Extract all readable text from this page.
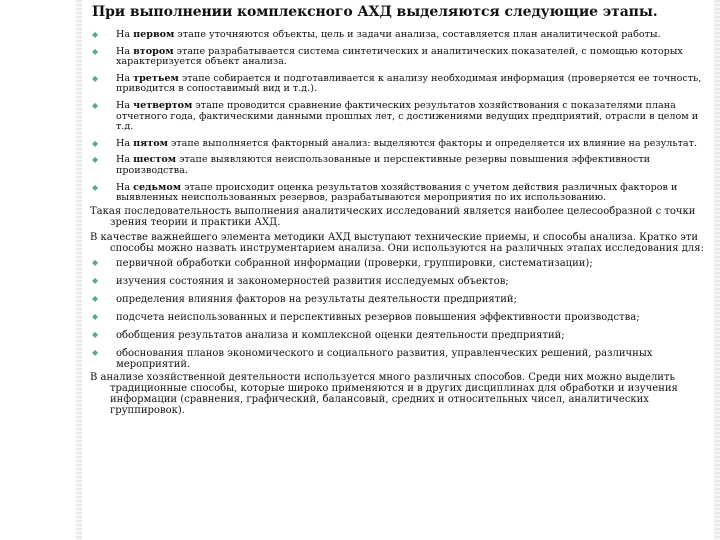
При выполнении комплексного АХД выделяются следующие этапы.
◆ На первом этапе уточняются объекты, цель и задачи анализа, составляется план аналитической работы.
◆ На втором этапе разрабатывается система синтетических и аналитических показателей, с помощью которых характеризуется объект анализа.
◆ На третьем этапе собирается и подготавливается к анализу необходимая информация (проверяется ее точность, приводится в сопоставимый вид и т.д.).
◆ На четвертом этапе проводится сравнение фактических результатов хозяйствования с показателями плана отчетного года, фактическими данными прошлых лет, с достижениями ведущих предприятий, отрасли в целом и т.д.
◆ На пятом этапе выполняется факторный анализ: выделяются факторы и определяется их влияние на результат.
◆ На шестом этапе выявляются неиспользованные и перспективные резервы повышения эффективности производства.
◆ На седьмом этапе происходит оценка результатов хозяйствования с учетом действия различных факторов и выявленных неиспользованных резервов, разрабатываются мероприятия по их использованию.

Такая последовательность выполнения аналитических исследований является наиболее целесообразной с точки зрения теории и практики АХД.

В качестве важнейшего элемента методики АХД выступают технические приемы, и способы анализа. Кратко эти способы можно назвать инструментарием анализа. Они используются на различных этапах исследования для:

◆ первичной обработки собранной информации (проверки, группировки, систематизации);
◆ изучения состояния и закономерностей развития исследуемых объектов;
◆ определения влияния факторов на результаты деятельности предприятий;
◆ подсчета неиспользованных и перспективных резервов повышения эффективности производства;
◆ обобщения результатов анализа и комплексной оценки деятельности предприятий;
◆ обоснования планов экономического и социального развития, управленческих решений, различных мероприятий.

В анализе хозяйственной деятельности используется много различных способов. Среди них можно выделить традиционные способы, которые широко применяются и в других дисциплинах для обработки и изучения информации (сравнения, графический, балансовый, средних и относительных чисел, аналитических группировок).
